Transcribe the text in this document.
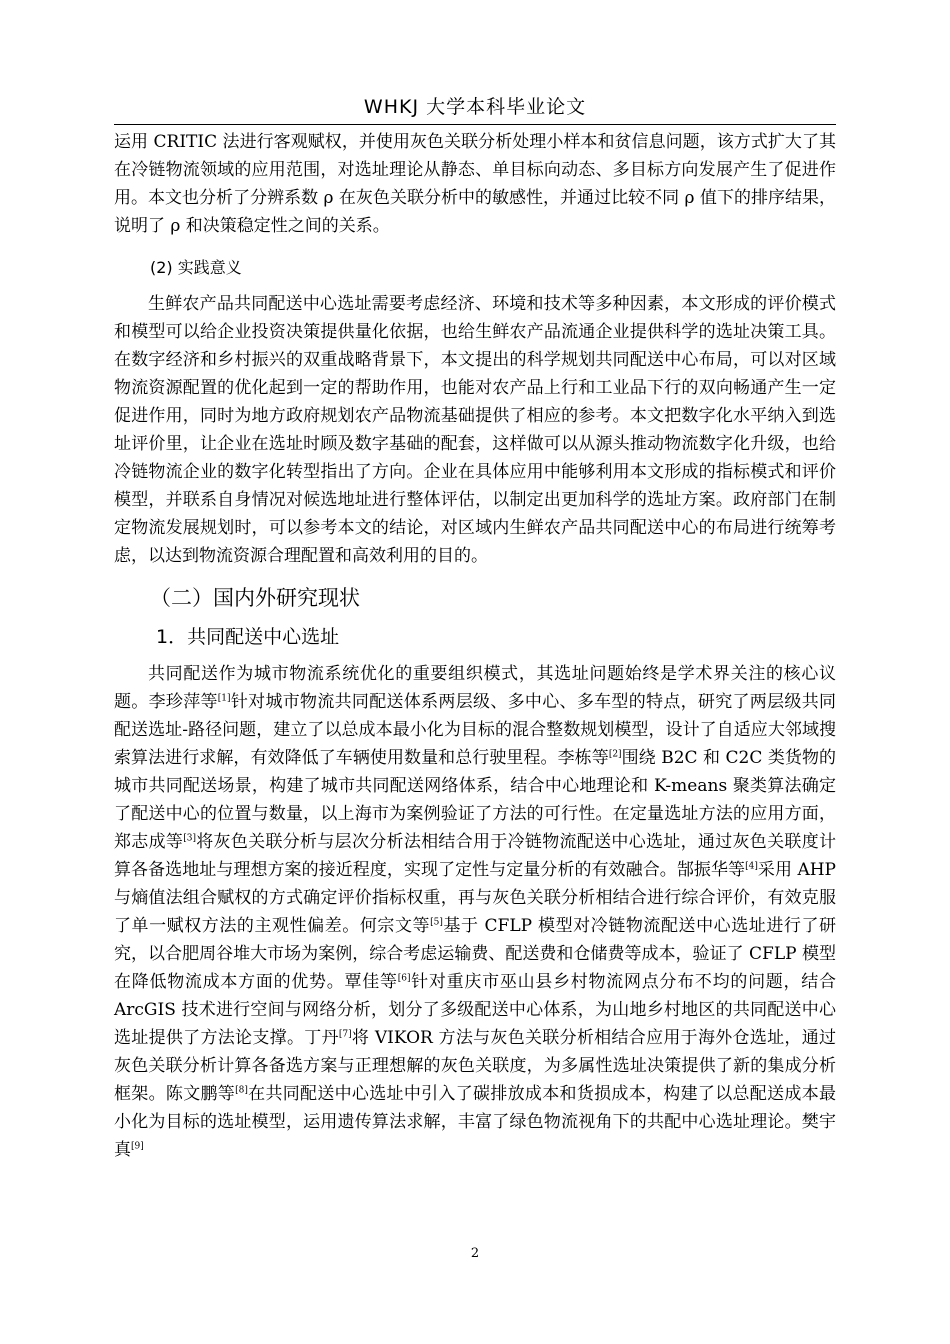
WHKJ 大学本科毕业论文

运用 CRITIC 法进行客观赋权，并使用灰色关联分析处理小样本和贫信息问题，该方式扩大了其在冷链物流领域的应用范围，对选址理论从静态、单目标向动态、多目标方向发展产生了促进作用。本文也分析了分辨系数 ρ 在灰色关联分析中的敏感性，并通过比较不同 ρ 值下的排序结果，说明了 ρ 和决策稳定性之间的关系。

(2) 实践意义

生鲜农产品共同配送中心选址需要考虑经济、环境和技术等多种因素，本文形成的评价模式和模型可以给企业投资决策提供量化依据，也给生鲜农产品流通企业提供科学的选址决策工具。在数字经济和乡村振兴的双重战略背景下，本文提出的科学规划共同配送中心布局，可以对区域物流资源配置的优化起到一定的帮助作用，也能对农产品上行和工业品下行的双向畅通产生一定促进作用，同时为地方政府规划农产品物流基础提供了相应的参考。本文把数字化水平纳入到选址评价里，让企业在选址时顾及数字基础的配套，这样做可以从源头推动物流数字化升级，也给冷链物流企业的数字化转型指出了方向。企业在具体应用中能够利用本文形成的指标模式和评价模型，并联系自身情况对候选地址进行整体评估，以制定出更加科学的选址方案。政府部门在制定物流发展规划时，可以参考本文的结论，对区域内生鲜农产品共同配送中心的布局进行统筹考虑，以达到物流资源合理配置和高效利用的目的。

（二）国内外研究现状
1．共同配送中心选址

共同配送作为城市物流系统优化的重要组织模式，其选址问题始终是学术界关注的核心议题。李珍萍等[1]针对城市物流共同配送体系两层级、多中心、多车型的特点，研究了两层级共同配送选址-路径问题，建立了以总成本最小化为目标的混合整数规划模型，设计了自适应大邻域搜索算法进行求解，有效降低了车辆使用数量和总行驶里程。李栋等[2]围绕 B2C 和 C2C 类货物的城市共同配送场景，构建了城市共同配送网络体系，结合中心地理论和 K-means 聚类算法确定了配送中心的位置与数量，以上海市为案例验证了方法的可行性。在定量选址方法的应用方面，郑志成等[3]将灰色关联分析与层次分析法相结合用于冷链物流配送中心选址，通过灰色关联度计算各备选地址与理想方案的接近程度，实现了定性与定量分析的有效融合。郜振华等[4]采用 AHP 与熵值法组合赋权的方式确定评价指标权重，再与灰色关联分析相结合进行综合评价，有效克服了单一赋权方法的主观性偏差。何宗文等[5]基于 CFLP 模型对冷链物流配送中心选址进行了研究，以合肥周谷堆大市场为案例，综合考虑运输费、配送费和仓储费等成本，验证了 CFLP 模型在降低物流成本方面的优势。覃佳等[6]针对重庆市巫山县乡村物流网点分布不均的问题，结合 ArcGIS 技术进行空间与网络分析，划分了多级配送中心体系，为山地乡村地区的共同配送中心选址提供了方法论支撑。丁丹[7]将 VIKOR 方法与灰色关联分析相结合应用于海外仓选址，通过灰色关联分析计算各备选方案与正理想解的灰色关联度，为多属性选址决策提供了新的集成分析框架。陈文鹏等[8]在共同配送中心选址中引入了碳排放成本和货损成本，构建了以总配送成本最小化为目标的选址模型，运用遗传算法求解，丰富了绿色物流视角下的共配中心选址理论。樊宇真[9]

2
